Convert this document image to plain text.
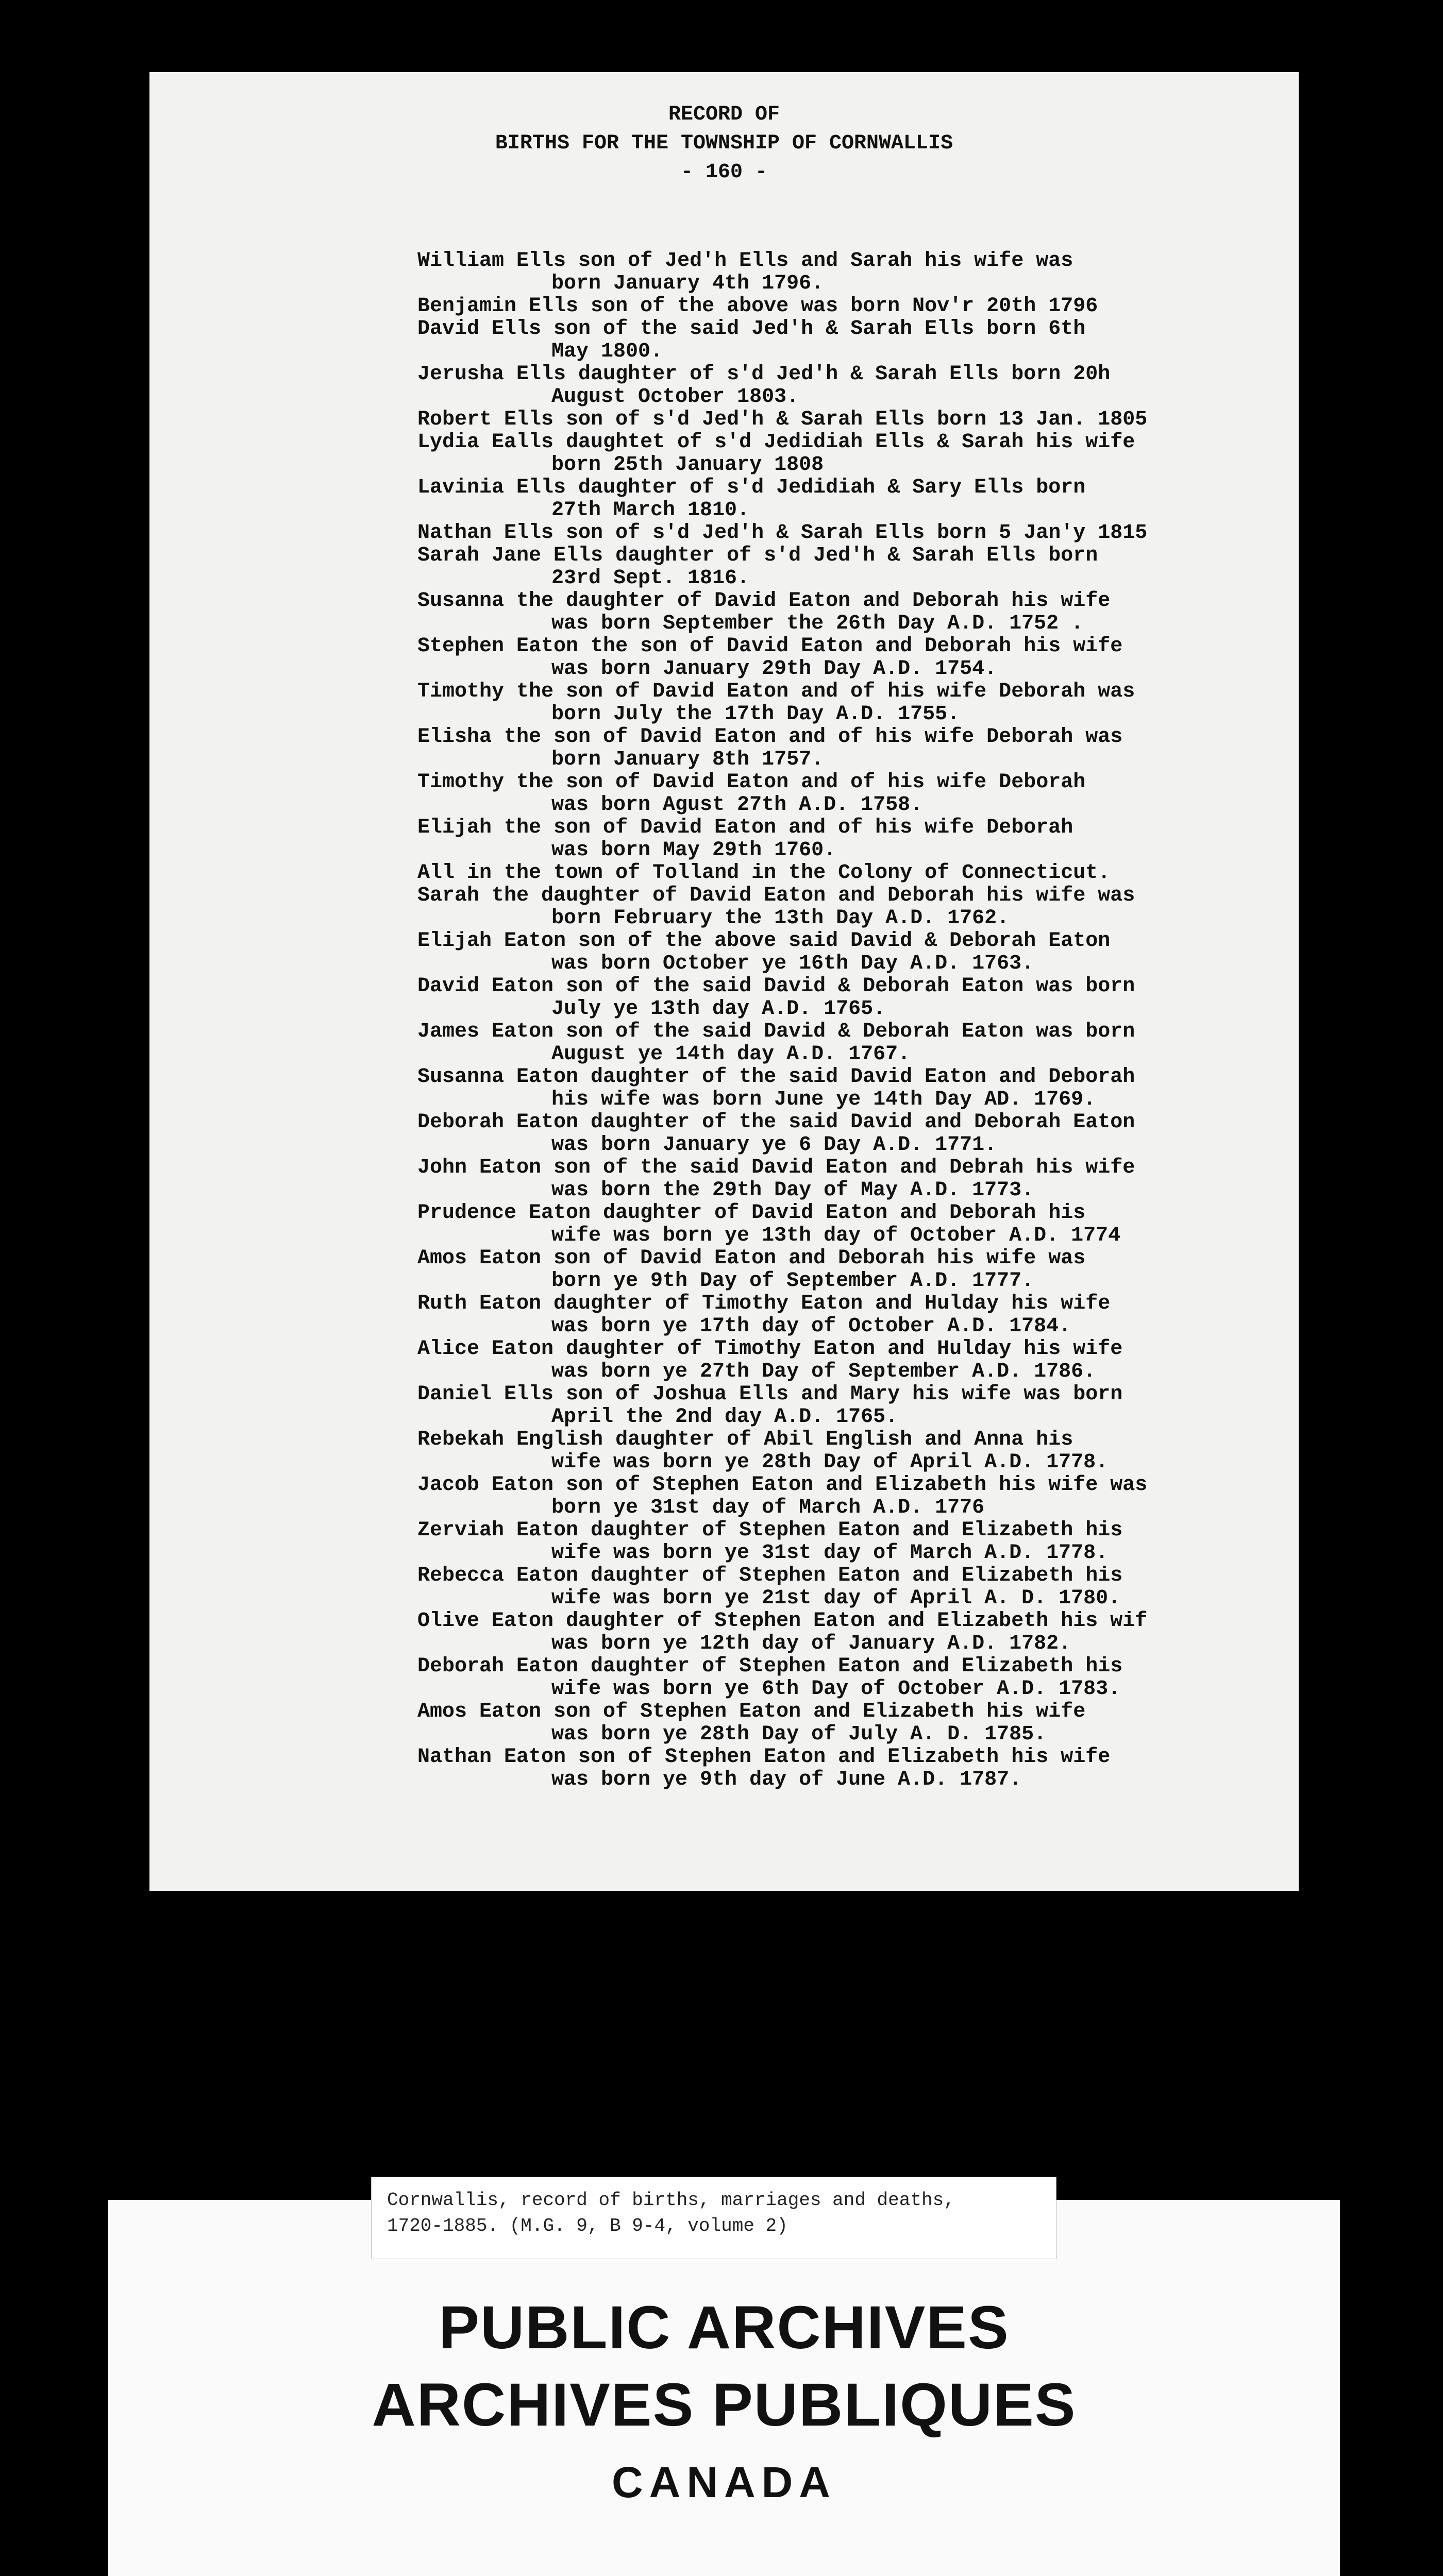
RECORD OF
BIRTHS FOR THE TOWNSHIP OF CORNWALLIS
- 160 -
William Ells son of Jed'h Ells and Sarah his wife was
born January 4th 1796.
Benjamin Ells son of the above was born Nov'r 20th 1796
David Ells son of the said Jed'h & Sarah Ells born 6th
May 1800.
Jerusha Ells daughter of s'd Jed'h & Sarah Ells born 20h
August October 1803.
Robert Ells son of s'd Jed'h & Sarah Ells born 13 Jan. 1805
Lydia Ealls daughtet of s'd Jedidiah Ells & Sarah his wife
born 25th January 1808
Lavinia Ells daughter of s'd Jedidiah & Sary Ells born
27th March 1810.
Nathan Ells son of s'd Jed'h & Sarah Ells born 5 Jan'y 1815
Sarah Jane Ells daughter of s'd Jed'h & Sarah Ells born
23rd Sept. 1816.
Susanna the daughter of David Eaton and Deborah his wife
was born September the 26th Day A.D. 1752 .
Stephen Eaton the son of David Eaton and Deborah his wife
was born January 29th Day A.D. 1754.
Timothy the son of David Eaton and of his wife Deborah was
born July the 17th Day A.D. 1755.
Elisha the son of David Eaton and of his wife Deborah was
born January 8th 1757.
Timothy the son of David Eaton and of his wife Deborah
was born Agust 27th A.D. 1758.
Elijah the son of David Eaton and of his wife Deborah
was born May 29th 1760.
All in the town of Tolland in the Colony of Connecticut.
Sarah the daughter of David Eaton and Deborah his wife was
born February the 13th Day A.D. 1762.
Elijah Eaton son of the above said David & Deborah Eaton
was born October ye 16th Day A.D. 1763.
David Eaton son of the said David & Deborah Eaton was born
July ye 13th day A.D. 1765.
James Eaton son of the said David & Deborah Eaton was born
August ye 14th day A.D. 1767.
Susanna Eaton daughter of the said David Eaton and Deborah
his wife was born June ye 14th Day AD. 1769.
Deborah Eaton daughter of the said David and Deborah Eaton
was born January ye 6 Day A.D. 1771.
John Eaton son of the said David Eaton and Debrah his wife
was born the 29th Day of May A.D. 1773.
Prudence Eaton daughter of David Eaton and Deborah his
wife was born ye 13th day of October A.D. 1774
Amos Eaton son of David Eaton and Deborah his wife was
born ye 9th Day of September A.D. 1777.
Ruth Eaton daughter of Timothy Eaton and Hulday his wife
was born ye 17th day of October A.D. 1784.
Alice Eaton daughter of Timothy Eaton and Hulday his wife
was born ye 27th Day of September A.D. 1786.
Daniel Ells son of Joshua Ells and Mary his wife was born
April the 2nd day A.D. 1765.
Rebekah English daughter of Abil English and Anna his
wife was born ye 28th Day of April A.D. 1778.
Jacob Eaton son of Stephen Eaton and Elizabeth his wife was
born ye 31st day of March A.D. 1776
Zerviah Eaton daughter of Stephen Eaton and Elizabeth his
wife was born ye 31st day of March A.D. 1778.
Rebecca Eaton daughter of Stephen Eaton and Elizabeth his
wife was born ye 21st day of April A. D. 1780.
Olive Eaton daughter of Stephen Eaton and Elizabeth his wif
was born ye 12th day of January A.D. 1782.
Deborah Eaton daughter of Stephen Eaton and Elizabeth his
wife was born ye 6th Day of October A.D. 1783.
Amos Eaton son of Stephen Eaton and Elizabeth his wife
was born ye 28th Day of July A. D. 1785.
Nathan Eaton son of Stephen Eaton and Elizabeth his wife
was born ye 9th day of June A.D. 1787.
Cornwallis, record of births, marriages and deaths,
1720-1885. (M.G. 9, B 9-4, volume 2)
PUBLIC ARCHIVES
ARCHIVES PUBLIQUES
CANADA
